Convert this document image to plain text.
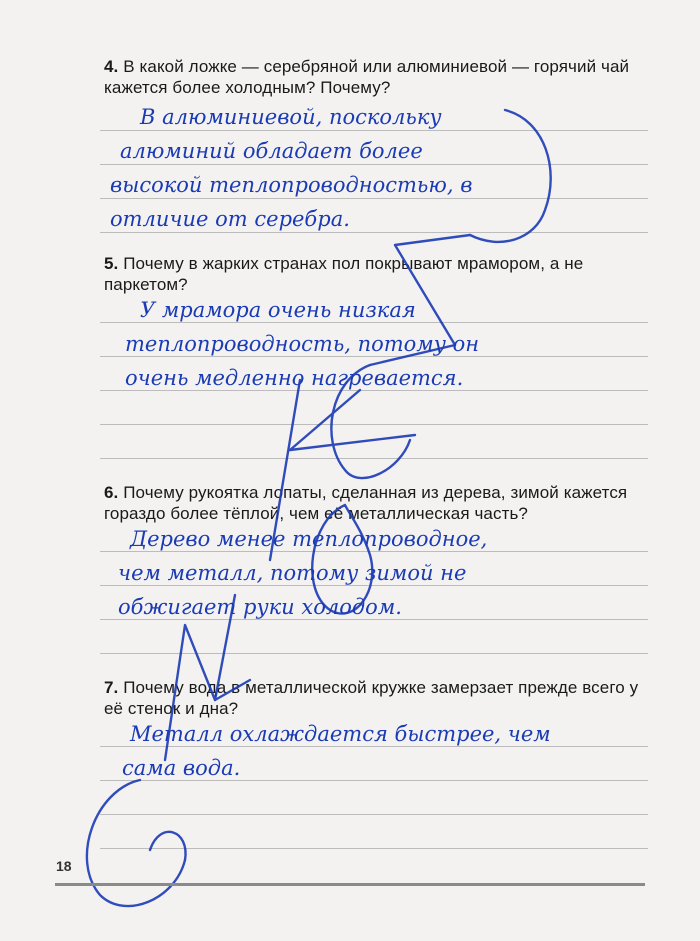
4. В какой ложке — серебряной или алюминиевой — горячий чай кажется более холодным? Почему?
В алюминиевой, поскольку
алюминий обладает более
высокой теплопроводностью, в
отличие от серебра.
5. Почему в жарких странах пол покрывают мрамором, а не паркетом?
У мрамора очень низкая
теплопроводность, потому он
очень медленно нагревается.
6. Почему рукоятка лопаты, сделанная из дерева, зимой кажется гораздо более тёплой, чем её металлическая часть?
Дерево менее теплопроводное,
чем металл, потому зимой не
обжигает руки холодом.
7. Почему вода в металлической кружке замерзает прежде всего у её стенок и дна?
Металл охлаждается быстрее, чем
сама вода.
18
